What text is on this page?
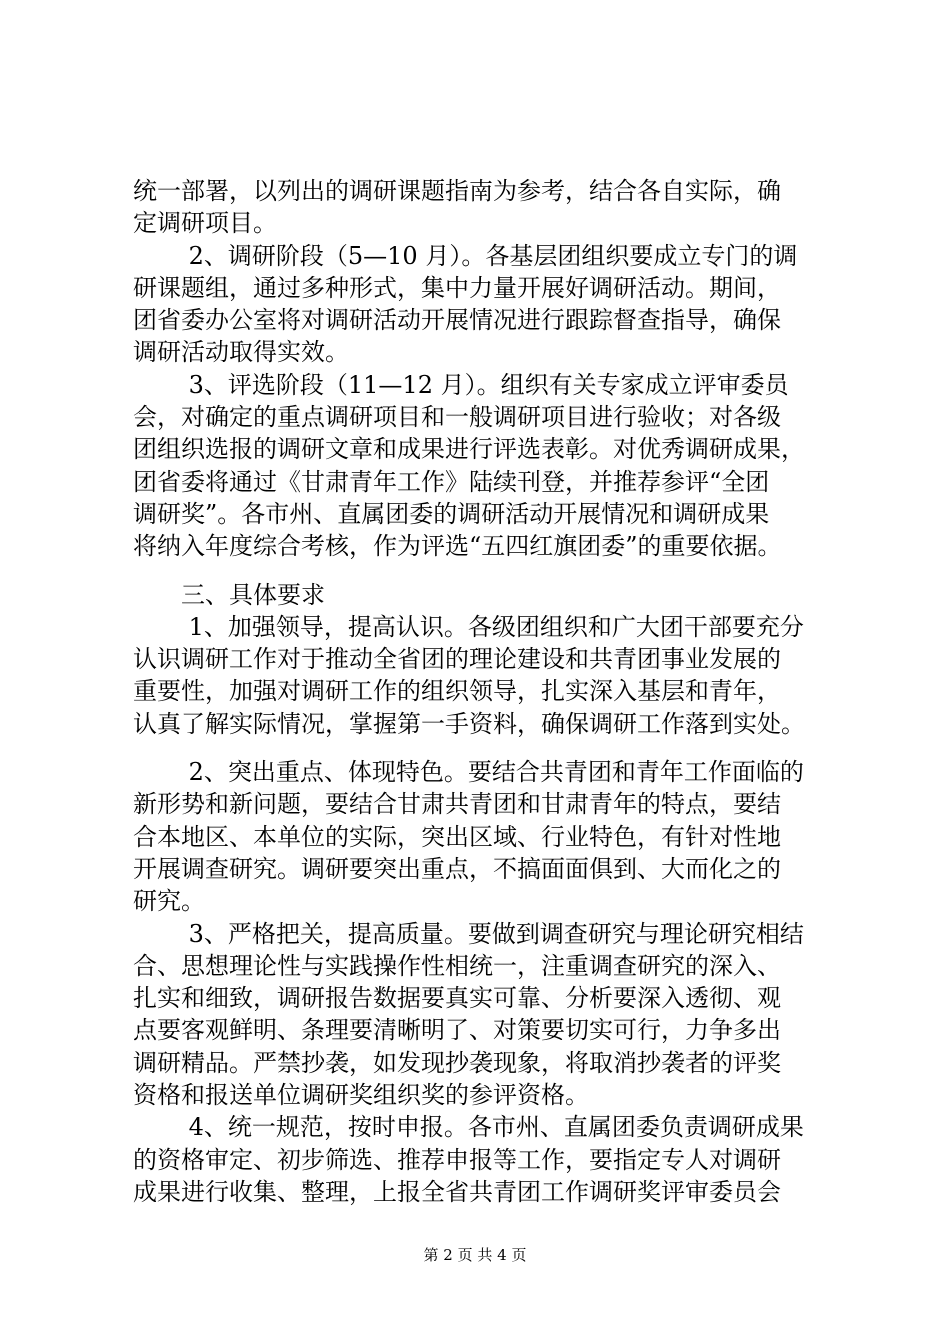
统一部署，以列出的调研课题指南为参考，结合各自实际，确
定调研项目。
　　 2、调研阶段（5—10 月）。各基层团组织要成立专门的调
研课题组，通过多种形式，集中力量开展好调研活动。期间，
团省委办公室将对调研活动开展情况进行跟踪督查指导，确保
调研活动取得实效。
　　 3、评选阶段（11—12 月）。组织有关专家成立评审委员
会，对确定的重点调研项目和一般调研项目进行验收；对各级
团组织选报的调研文章和成果进行评选表彰。对优秀调研成果，
团省委将通过《甘肃青年工作》陆续刊登，并推荐参评“全团
调研奖”。各市州、直属团委的调研活动开展情况和调研成果
将纳入年度综合考核，作为评选“五四红旗团委”的重要依据。
　　三、具体要求
　　 1、加强领导，提高认识。各级团组织和广大团干部要充分
认识调研工作对于推动全省团的理论建设和共青团事业发展的
重要性，加强对调研工作的组织领导，扎实深入基层和青年，
认真了解实际情况，掌握第一手资料，确保调研工作落到实处。
　　 2、突出重点、体现特色。要结合共青团和青年工作面临的
新形势和新问题，要结合甘肃共青团和甘肃青年的特点，要结
合本地区、本单位的实际，突出区域、行业特色，有针对性地
开展调查研究。调研要突出重点，不搞面面俱到、大而化之的
研究。
　　 3、严格把关，提高质量。要做到调查研究与理论研究相结
合、思想理论性与实践操作性相统一，注重调查研究的深入、
扎实和细致，调研报告数据要真实可靠、分析要深入透彻、观
点要客观鲜明、条理要清晰明了、对策要切实可行，力争多出
调研精品。严禁抄袭，如发现抄袭现象，将取消抄袭者的评奖
资格和报送单位调研奖组织奖的参评资格。
　　 4、统一规范，按时申报。各市州、直属团委负责调研成果
的资格审定、初步筛选、推荐申报等工作，要指定专人对调研
成果进行收集、整理，上报全省共青团工作调研奖评审委员会
第 2 页 共 4 页
